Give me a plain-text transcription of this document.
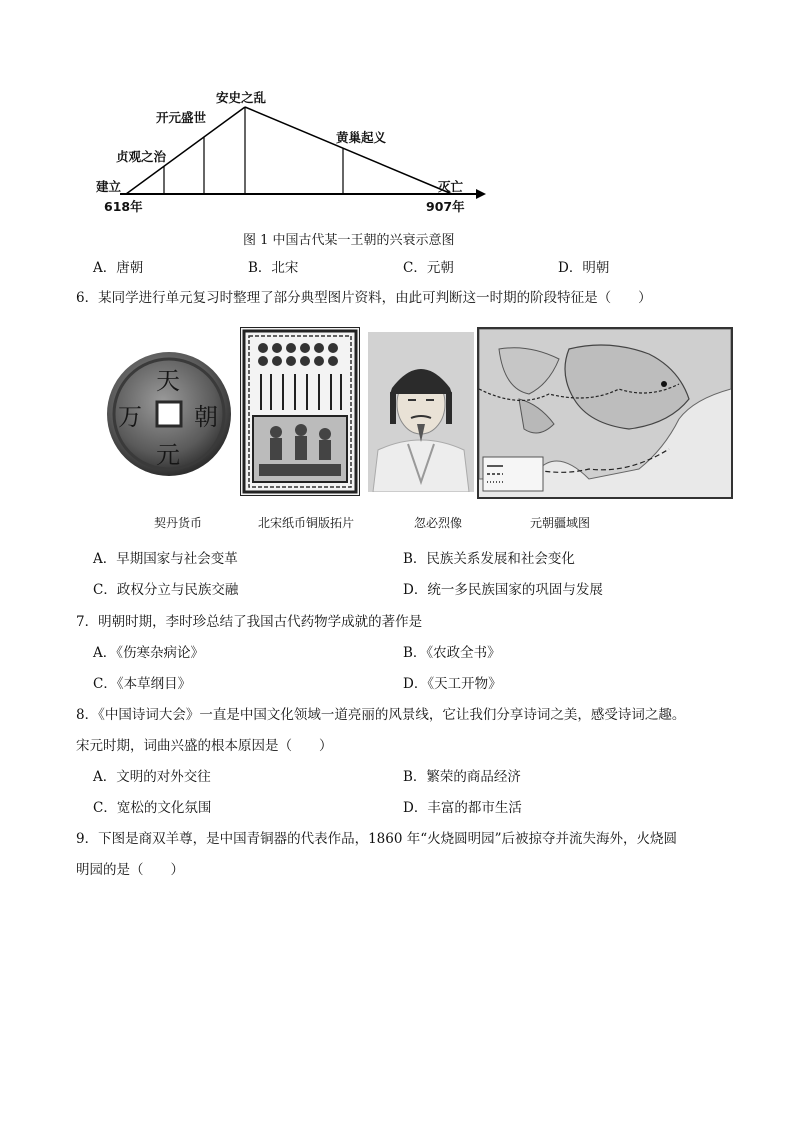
建立
618年
贞观之治
开元盛世
安史之乱
黄巢起义
灭亡
907年
图 1 中国古代某一王朝的兴衰示意图
A．唐朝	B．北宋	C．元朝	D．明朝
6．某同学进行单元复习时整理了部分典型图片资料，由此可判断这一时期的阶段特征是（　　）
天
朝
元
万
契丹货币	北宋纸币铜版拓片	忽必烈像	元朝疆域图
A．早期国家与社会变革	B．民族关系发展和社会变化
C．政权分立与民族交融	D．统一多民族国家的巩固与发展
7．明朝时期，李时珍总结了我国古代药物学成就的著作是
A．《伤寒杂病论》	B．《农政全书》
C．《本草纲目》	D．《天工开物》
8．《中国诗词大会》一直是中国文化领域一道亮丽的风景线，它让我们分享诗词之美，感受诗词之趣。
宋元时期，词曲兴盛的根本原因是（　　）
A．文明的对外交往	B．繁荣的商品经济
C．宽松的文化氛围	D．丰富的都市生活
9．下图是商双羊尊，是中国青铜器的代表作品，1860 年“火烧圆明园”后被掠夺并流失海外，火烧圆
明园的是（　　）
